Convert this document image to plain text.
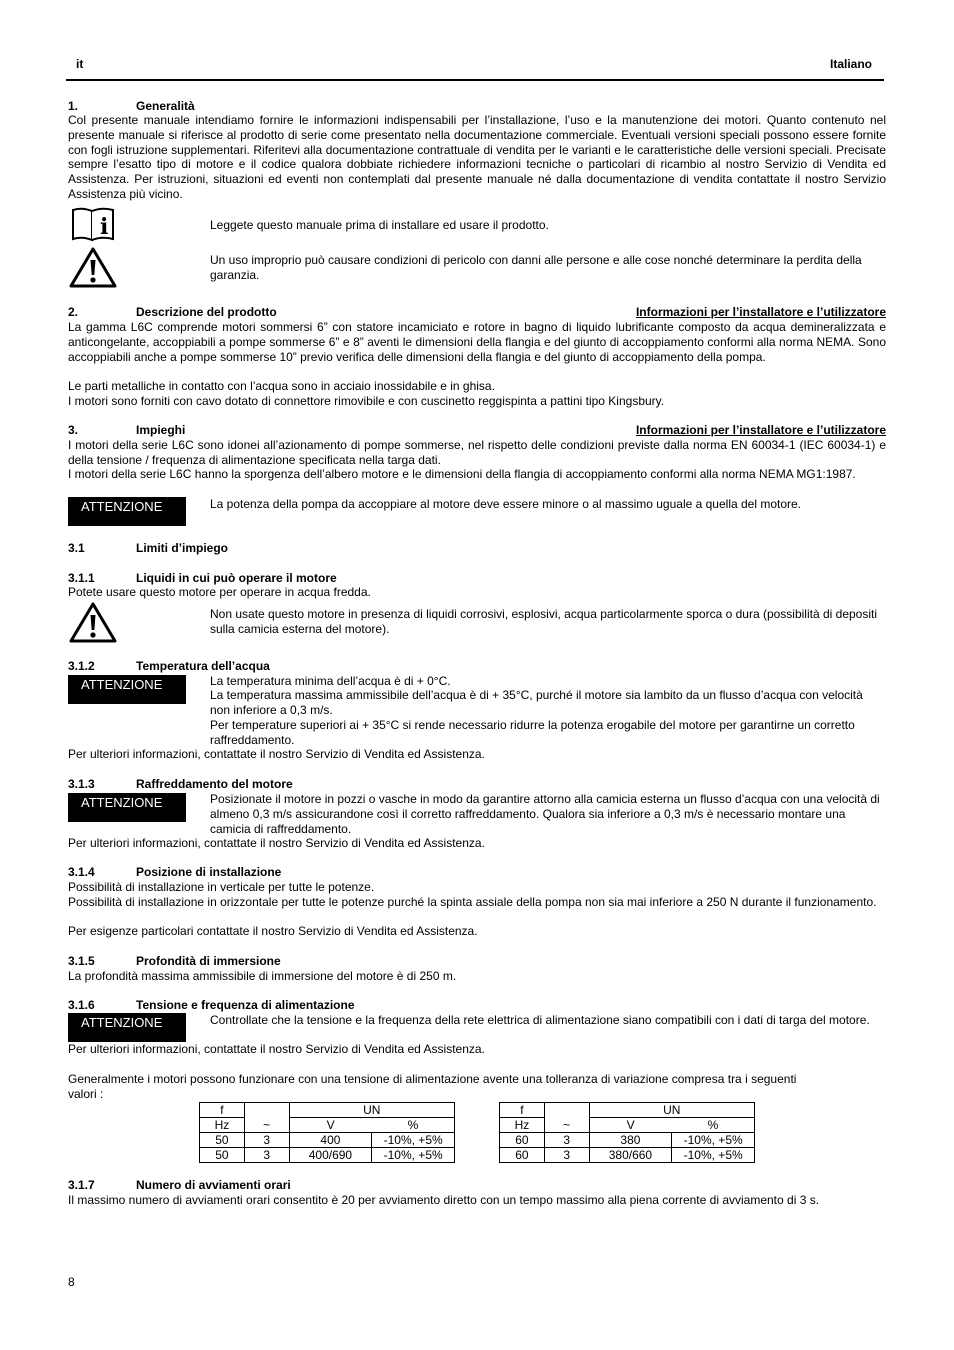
it	Italiano
1.	Generalità
Col presente manuale intendiamo fornire le informazioni indispensabili per l’installazione, l’uso e la manutenzione dei motori. Quanto contenuto nel presente manuale si riferisce al prodotto di serie come presentato nella documentazione commerciale. Eventuali versioni speciali possono essere fornite con fogli istruzione supplementari. Riferitevi alla documentazione contrattuale di vendita per le varianti e le caratteristiche delle versioni speciali. Precisate sempre l’esatto tipo di motore e il codice qualora dobbiate richiedere informazioni tecniche o particolari di ricambio al nostro Servizio di Vendita ed Assistenza. Per istruzioni, situazioni ed eventi non contemplati dal presente manuale né dalla documentazione di vendita contattate il nostro Servizio Assistenza più vicino.
i	Leggete questo manuale prima di installare ed usare il prodotto.
Un uso improprio può causare condizioni di pericolo con danni alle persone e alle cose nonché determinare la perdita della garanzia.
2.	Descrizione del prodotto	Informazioni per l’installatore e l’utilizzatore
La gamma L6C comprende motori sommersi 6” con statore incamiciato e rotore in bagno di liquido lubrificante composto da acqua demineralizzata e anticongelante, accoppiabili a pompe sommerse 6” e 8” aventi le dimensioni della flangia e del giunto di accoppiamento conformi alla norma NEMA. Sono accoppiabili anche a pompe sommerse 10” previo verifica delle dimensioni della flangia e del giunto di accoppiamento della pompa.
Le parti metalliche in contatto con l’acqua sono in acciaio inossidabile e in ghisa.
I motori sono forniti con cavo dotato di connettore rimovibile e con cuscinetto reggispinta a pattini tipo Kingsbury.
3.	Impieghi	Informazioni per l’installatore e l’utilizzatore
I motori della serie L6C sono idonei all’azionamento di pompe sommerse, nel rispetto delle condizioni previste dalla norma EN 60034-1 (IEC 60034-1) e della tensione / frequenza di alimentazione specificata nella targa dati.
I motori della serie L6C hanno la sporgenza dell’albero motore e le dimensioni della flangia di accoppiamento conformi alla norma NEMA MG1:1987.
ATTENZIONE	La potenza della pompa da accoppiare al motore deve essere minore o al massimo uguale a quella del motore.
3.1	Limiti d’impiego
3.1.1	Liquidi in cui può operare il motore
Potete usare questo motore per operare in acqua fredda.
Non usate questo motore in presenza di liquidi corrosivi, esplosivi, acqua particolarmente sporca o dura (possibilità di depositi sulla camicia esterna del motore).
3.1.2	Temperatura dell’acqua
ATTENZIONE	La temperatura minima dell’acqua è di + 0°C.
La temperatura massima ammissibile dell’acqua è di + 35°C, purché il motore sia lambito da un flusso d’acqua con velocità non inferiore a 0,3 m/s.
Per temperature superiori ai + 35°C si rende necessario ridurre la potenza erogabile del motore per garantirne un corretto raffreddamento.
Per ulteriori informazioni, contattate il nostro Servizio di Vendita ed Assistenza.
3.1.3	Raffreddamento del motore
ATTENZIONE	Posizionate il motore in pozzi o vasche in modo da garantire attorno alla camicia esterna un flusso d’acqua con una velocità di almeno 0,3 m/s assicurandone così il corretto raffreddamento. Qualora sia inferiore a 0,3 m/s è necessario montare una camicia di raffreddamento.
Per ulteriori informazioni, contattate il nostro Servizio di Vendita ed Assistenza.
3.1.4	Posizione di installazione
Possibilità di installazione in verticale per tutte le potenze.
Possibilità di installazione in orizzontale per tutte le potenze purché la spinta assiale della pompa non sia mai inferiore a 250 N durante il funzionamento.
Per esigenze particolari contattate il nostro Servizio di Vendita ed Assistenza.
3.1.5	Profondità di immersione
La profondità massima ammissibile di immersione del motore è di 250 m.
3.1.6	Tensione e frequenza di alimentazione
ATTENZIONE	Controllate che la tensione e la frequenza della rete elettrica di alimentazione siano compatibili con i dati di targa del motore.
Per ulteriori informazioni, contattate il nostro Servizio di Vendita ed Assistenza.
Generalmente i motori possono funzionare con una tensione di alimentazione avente una tolleranza di variazione compresa tra i seguenti valori :
f		UN	
Hz	~	V	%
50	3	400	-10%, +5%
50	3	400/690	-10%, +5%
f		UN	
Hz	~	V	%
60	3	380	-10%, +5%
60	3	380/660	-10%, +5%
3.1.7	Numero di avviamenti orari
Il massimo numero di avviamenti orari consentito è 20 per avviamento diretto con un tempo massimo alla piena corrente di avviamento di 3 s.
8
